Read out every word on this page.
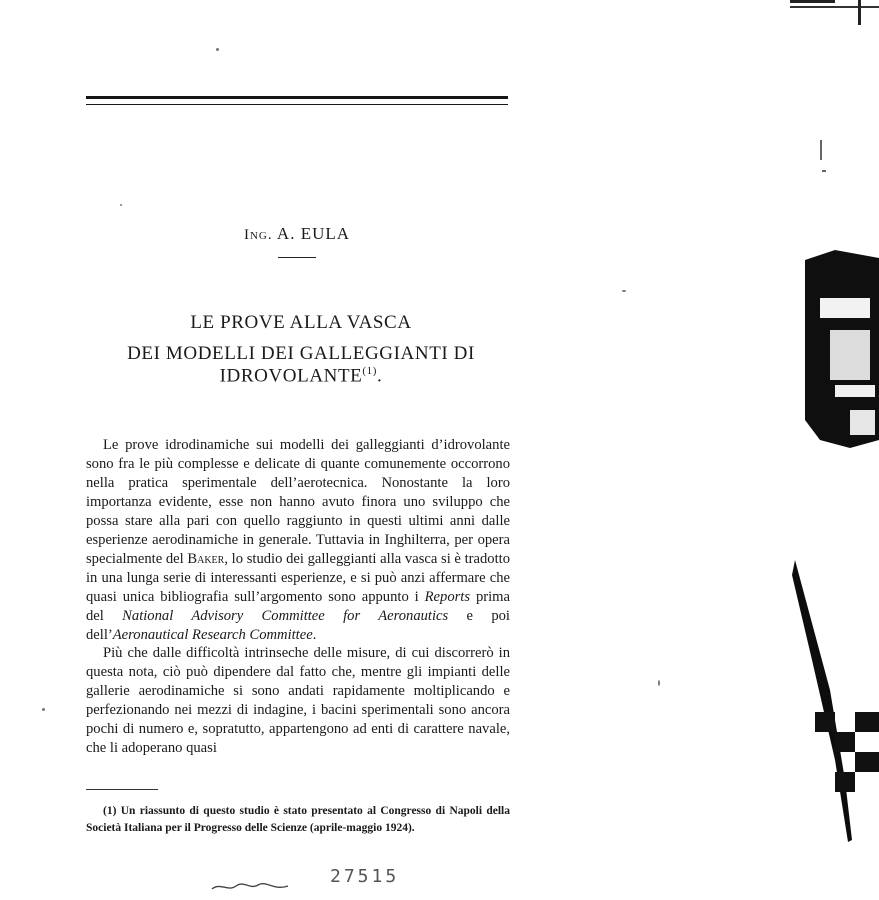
Ing. A. EULA
LE PROVE ALLA VASCA
DEI MODELLI DEI GALLEGGIANTI DI IDROVOLANTE$^{(1)}$.

Le prove idrodinamiche sui modelli dei galleggianti d’idrovolante sono fra le più complesse e delicate di quante comunemente occorrono nella pratica sperimentale dell’aerotecnica. Nonostante la loro importanza evidente, esse non hanno avuto finora uno sviluppo che possa stare alla pari con quello raggiunto in questi ultimi anni dalle esperienze aerodinamiche in generale. Tuttavia in Inghilterra, per opera specialmente del Baker, lo studio dei galleggianti alla vasca si è tradotto in una lunga serie di interessanti esperienze, e si può anzi affermare che quasi unica bibliografia sull’argomento sono appunto i Reports prima del National Advisory Committee for Aeronautics e poi dell’Aeronautical Research Committee.

Più che dalle difficoltà intrinseche delle misure, di cui discorrerò in questa nota, ciò può dipendere dal fatto che, mentre gli impianti delle gallerie aerodinamiche si sono andati rapidamente moltiplicando e perfezionando nei mezzi di indagine, i bacini sperimentali sono ancora pochi di numero e, sopratutto, appartengono ad enti di carattere navale, che li adoperano quasi

(1) Un riassunto di questo studio è stato presentato al Congresso di Napoli della Società Italiana per il Progresso delle Scienze (aprile-maggio 1924).

27515
